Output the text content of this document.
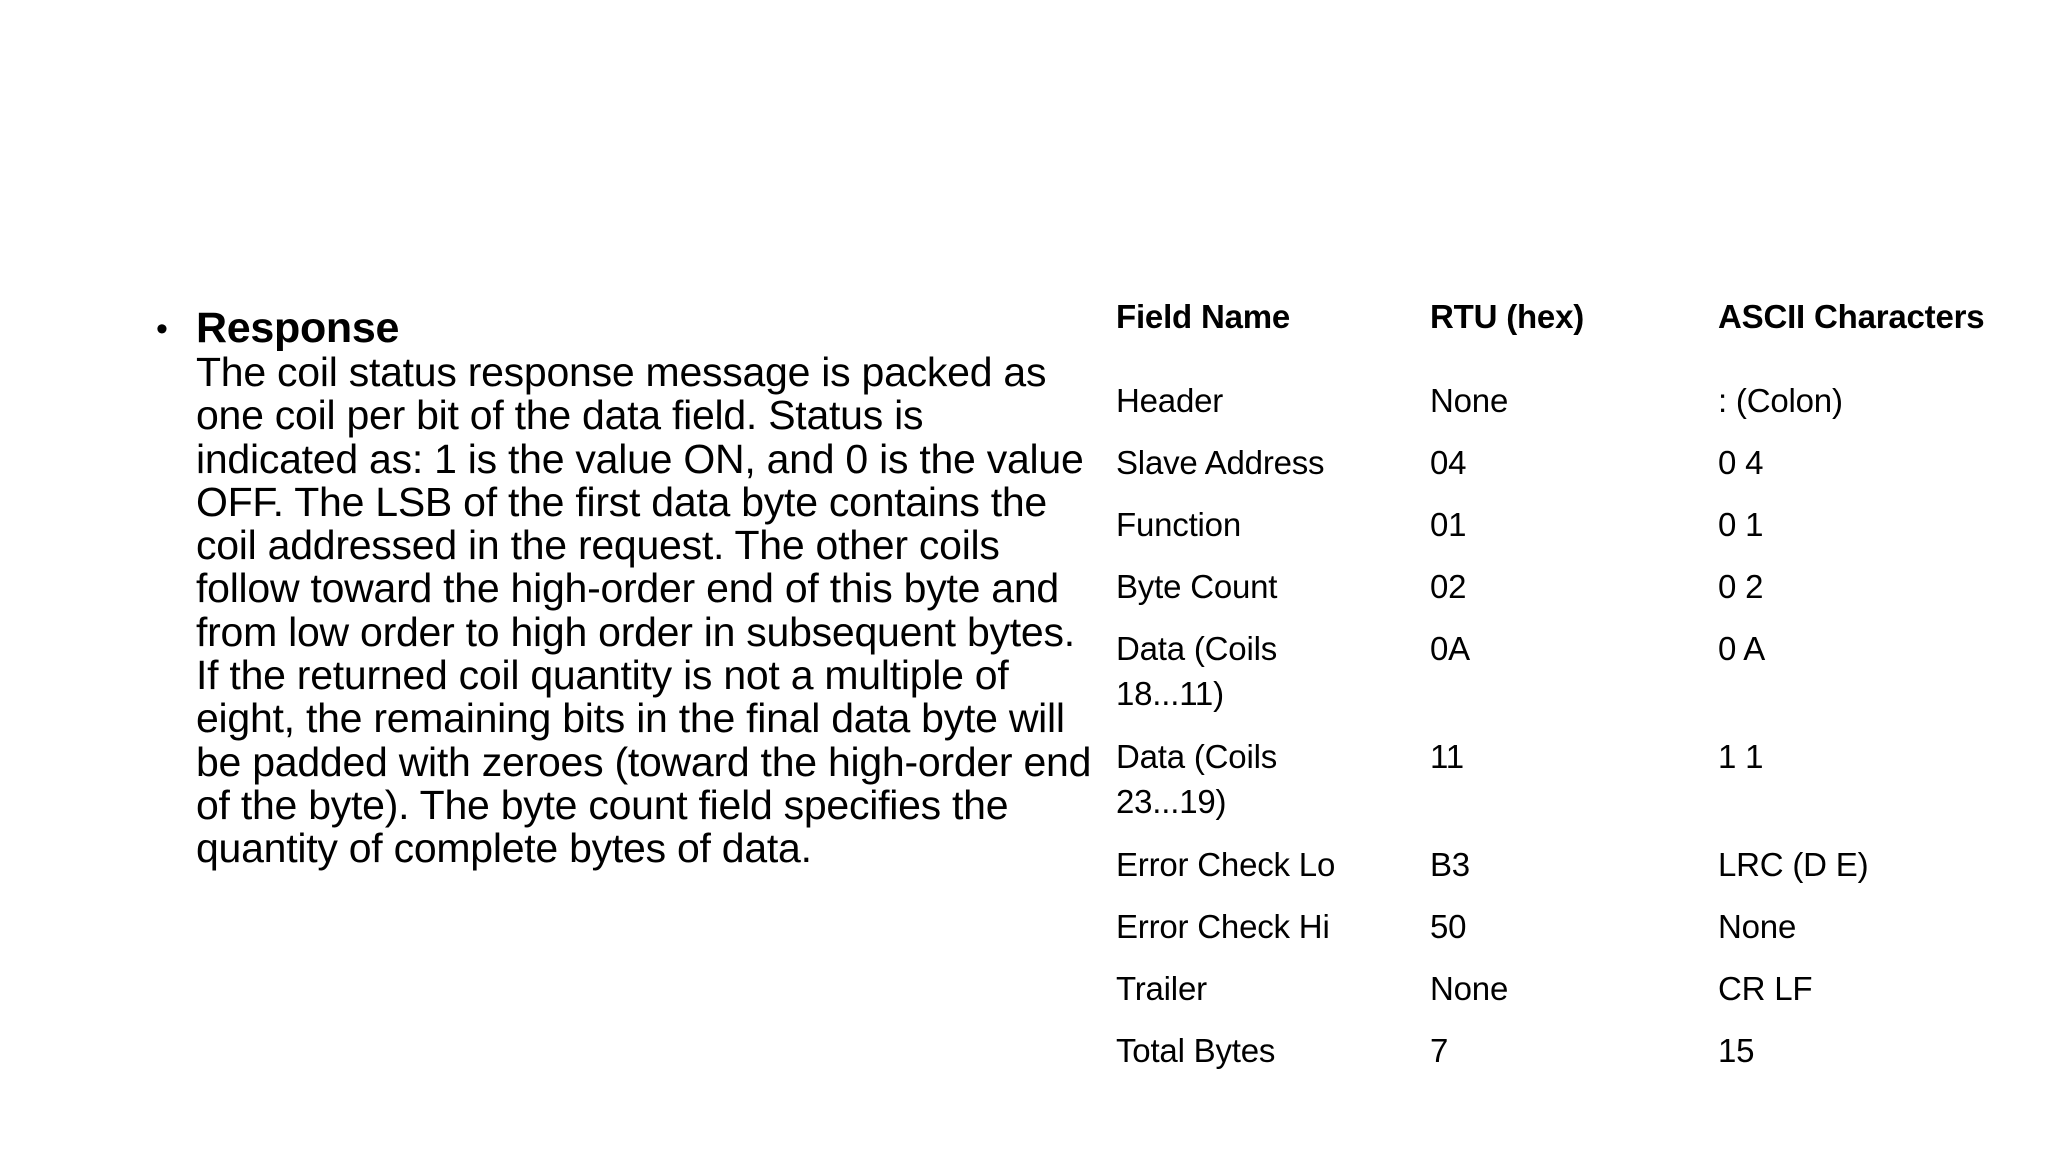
• Response
The coil status response message is packed as one coil per bit of the data field. Status is indicated as: 1 is the value ON, and 0 is the value OFF. The LSB of the first data byte contains the coil addressed in the request. The other coils follow toward the high-order end of this byte and from low order to high order in subsequent bytes. If the returned coil quantity is not a multiple of eight, the remaining bits in the final data byte will be padded with zeroes (toward the high-order end of the byte). The byte count field specifies the quantity of complete bytes of data.
Field Name	RTU (hex)	ASCII Characters

Header	None	: (Colon)
Slave Address	04	0 4
Function	01	0 1
Byte Count	02	0 2

Data (Coils 18...11)	0A	0 A

Data (Coils 23...19)	11	1 1
Error Check Lo	B3	LRC (D E)
Error Check Hi	50	None
Trailer	None	CR LF
Total Bytes	7	15
